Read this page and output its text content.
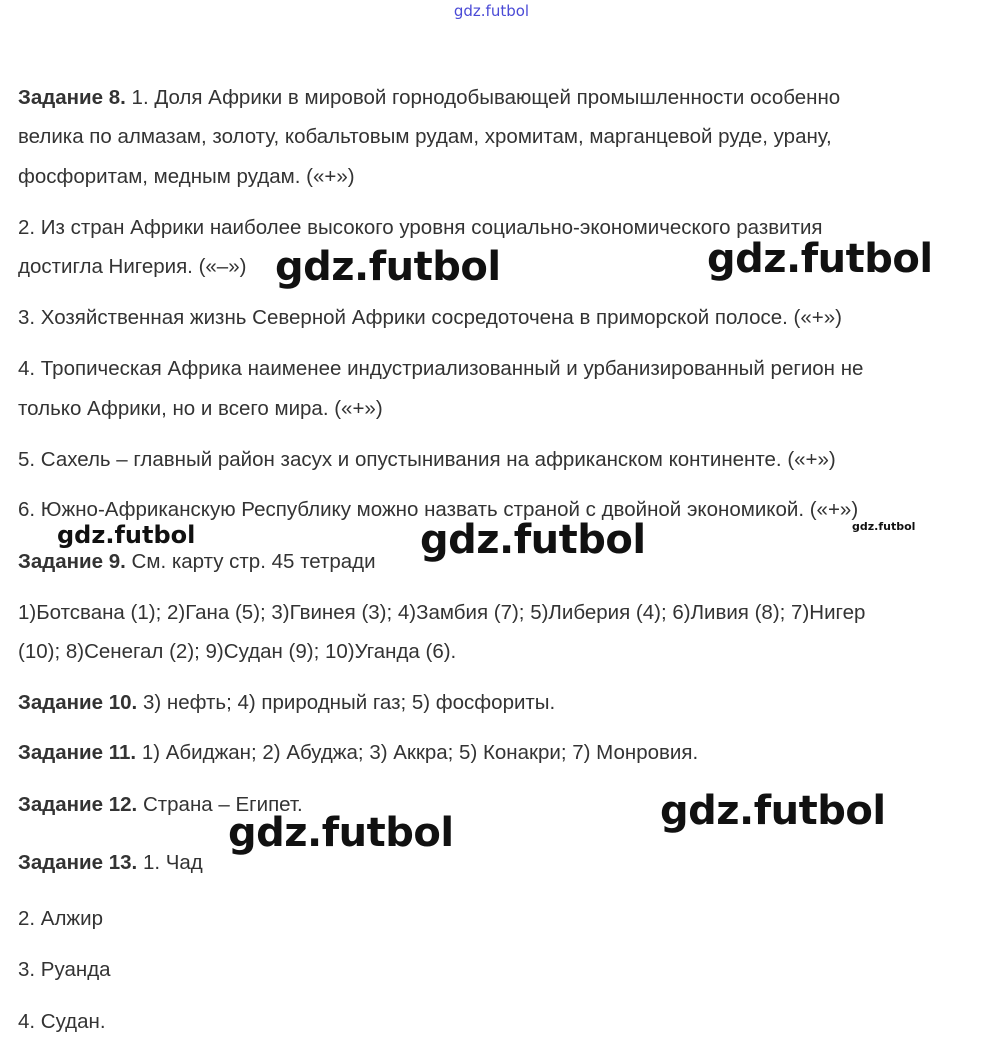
gdz.futbol
Задание 8. 1. Доля Африки в мировой горнодобывающей промышленности особенно
велика по алмазам, золоту, кобальтовым рудам, хромитам, марганцевой руде, урану,
фосфоритам, медным рудам. («+»)
2. Из стран Африки наиболее высокого уровня социально-экономического развития
достигла Нигерия. («–»)
3. Хозяйственная жизнь Северной Африки сосредоточена в приморской полосе. («+»)
4. Тропическая Африка наименее индустриализованный и урбанизированный регион не
только Африки, но и всего мира. («+»)
5. Сахель – главный район засух и опустынивания на африканском континенте. («+»)
6. Южно-Африканскую Республику можно назвать страной с двойной экономикой. («+»)
Задание 9. См. карту стр. 45 тетради
1)Ботсвана (1); 2)Гана (5); 3)Гвинея (3); 4)Замбия (7); 5)Либерия (4); 6)Ливия (8); 7)Нигер
(10); 8)Сенегал (2); 9)Судан (9); 10)Уганда (6).
Задание 10. 3) нефть; 4) природный газ; 5) фосфориты.
Задание 11. 1) Абиджан; 2) Абуджа; 3) Аккра; 5) Конакри; 7) Монровия.
Задание 12. Страна – Египет.
Задание 13. 1. Чад
2. Алжир
3. Руанда
4. Судан.
gdz.futbol	gdz.futbol
gdz.futbol	gdz.futbol	gdz.futbol
gdz.futbol
gdz.futbol
